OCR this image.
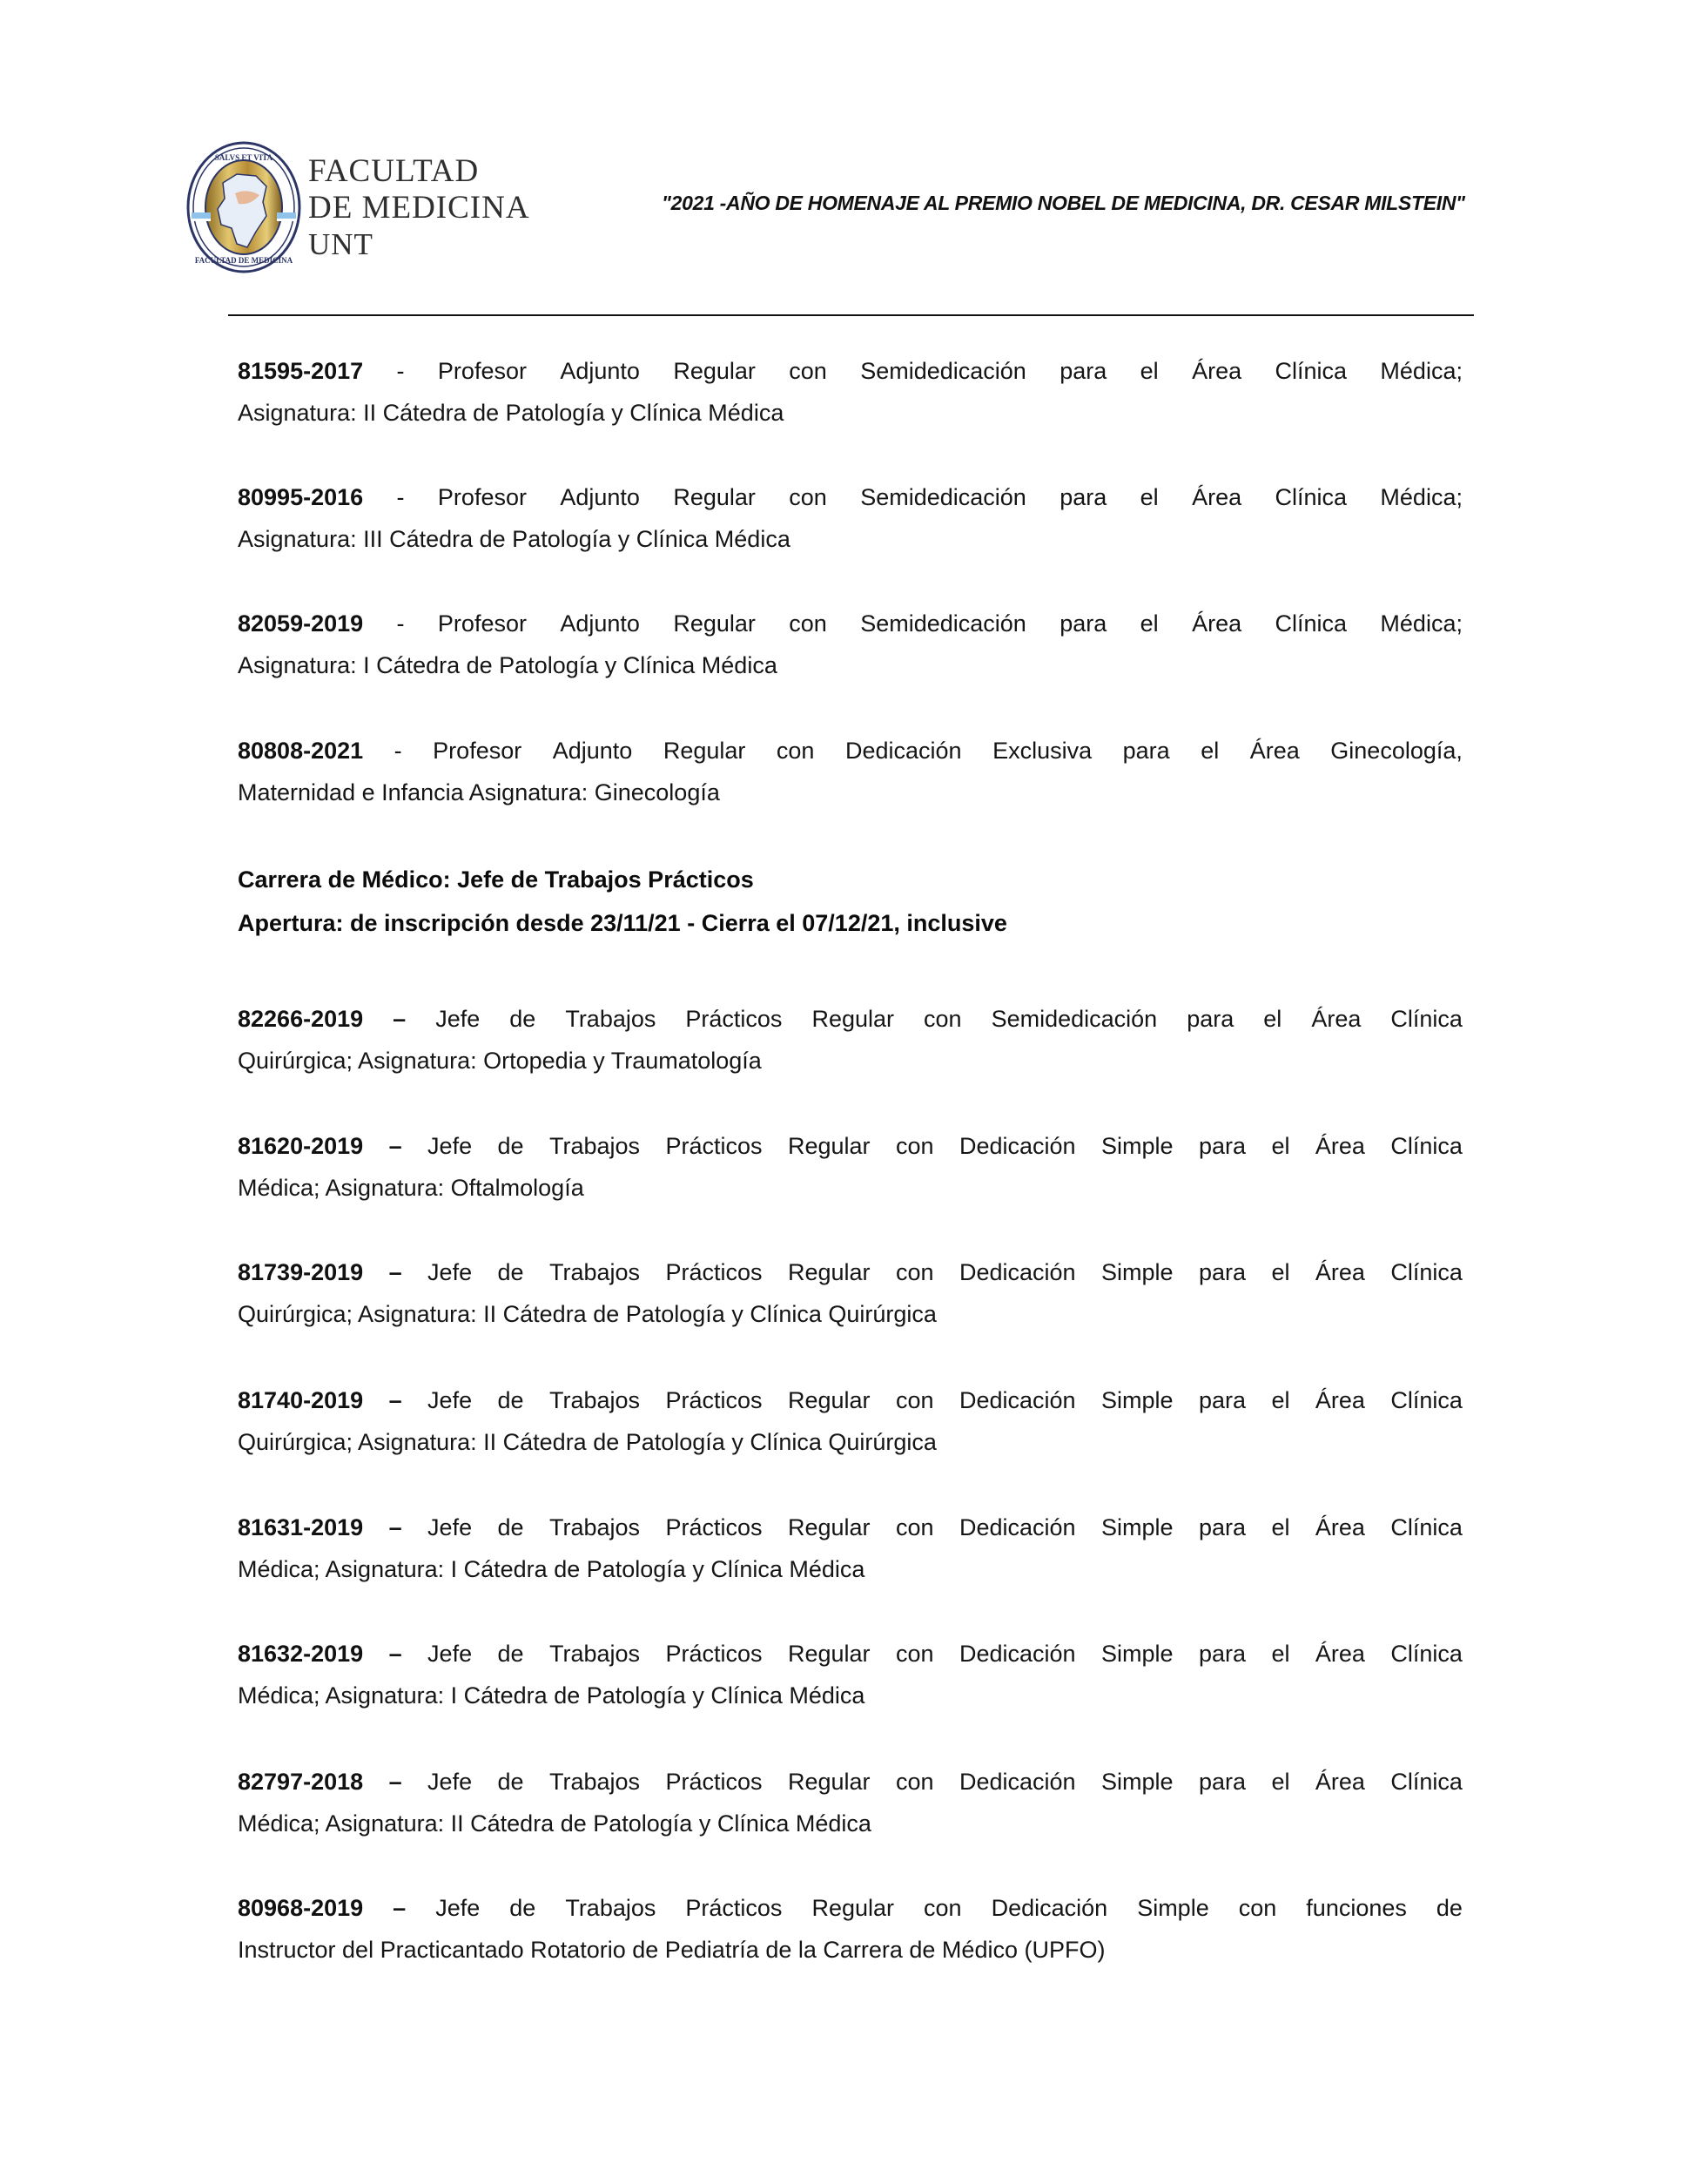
SALVS ET VITA
FACULTAD DE MEDICINA
FACULTAD
DE MEDICINA
UNT
"2021 -AÑO DE HOMENAJE AL PREMIO NOBEL DE MEDICINA, DR. CESAR MILSTEIN"
81595-2017 - Profesor Adjunto Regular con Semidedicación para el Área Clínica Médica;
Asignatura: II Cátedra de Patología y Clínica Médica
80995-2016 - Profesor Adjunto Regular con Semidedicación para el Área Clínica Médica;
Asignatura: III Cátedra de Patología y Clínica Médica
82059-2019 - Profesor Adjunto Regular con Semidedicación para el Área Clínica Médica;
Asignatura: I Cátedra de Patología y Clínica Médica
80808-2021 - Profesor Adjunto Regular con Dedicación Exclusiva para el Área Ginecología,
Maternidad e Infancia Asignatura: Ginecología
Carrera de Médico: Jefe de Trabajos Prácticos
Apertura: de inscripción desde 23/11/21 - Cierra el 07/12/21, inclusive
82266-2019 – Jefe de Trabajos Prácticos Regular con Semidedicación para el Área Clínica
Quirúrgica; Asignatura: Ortopedia y Traumatología
81620-2019 – Jefe de Trabajos Prácticos Regular con Dedicación Simple para el Área Clínica
Médica; Asignatura: Oftalmología
81739-2019 – Jefe de Trabajos Prácticos Regular con Dedicación Simple para el Área Clínica
Quirúrgica; Asignatura: II Cátedra de Patología y Clínica Quirúrgica
81740-2019 – Jefe de Trabajos Prácticos Regular con Dedicación Simple para el Área Clínica
Quirúrgica; Asignatura: II Cátedra de Patología y Clínica Quirúrgica
81631-2019 – Jefe de Trabajos Prácticos Regular con Dedicación Simple para el Área Clínica
Médica; Asignatura: I Cátedra de Patología y Clínica Médica
81632-2019 – Jefe de Trabajos Prácticos Regular con Dedicación Simple para el Área Clínica
Médica; Asignatura: I Cátedra de Patología y Clínica Médica
82797-2018 – Jefe de Trabajos Prácticos Regular con Dedicación Simple para el Área Clínica
Médica; Asignatura: II Cátedra de Patología y Clínica Médica
80968-2019 – Jefe de Trabajos Prácticos Regular con Dedicación Simple con funciones de
Instructor del Practicantado Rotatorio de Pediatría de la Carrera de Médico (UPFO)
